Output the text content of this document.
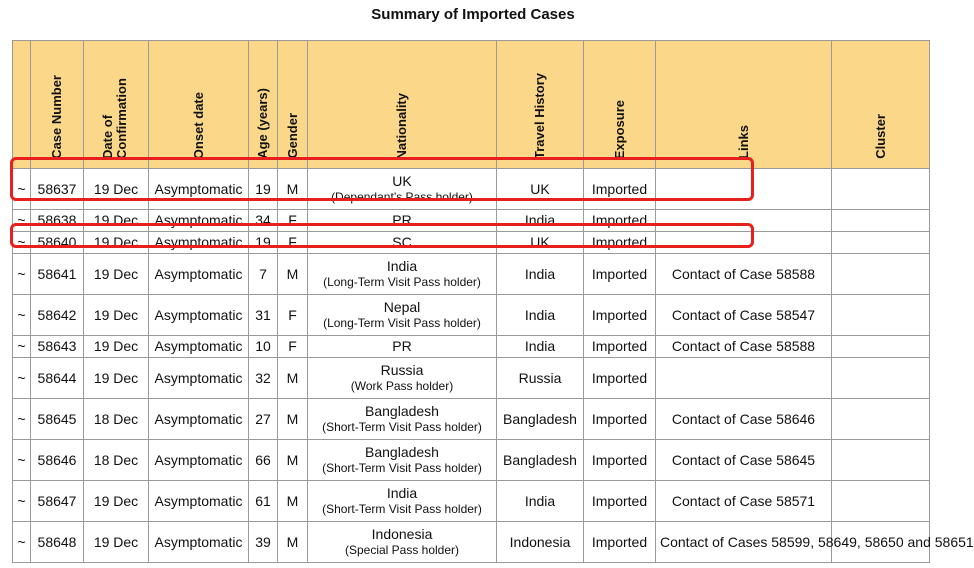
Summary of Imported Cases
	Case Number	Date of Confirmation	Onset date	Age (years)	Gender	Nationality	Travel History	Exposure	Links	Cluster
~	58637	19 Dec	Asymptomatic	19	M	UK
(Dependant’s Pass holder)	UK	Imported		
~	58638	19 Dec	Asymptomatic	34	F	PR	India	Imported		
~	58640	19 Dec	Asymptomatic	19	F	SC	UK	Imported		
~	58641	19 Dec	Asymptomatic	7	M	India
(Long-Term Visit Pass holder)	India	Imported	Contact of Case 58588	
~	58642	19 Dec	Asymptomatic	31	F	Nepal
(Long-Term Visit Pass holder)	India	Imported	Contact of Case 58547	
~	58643	19 Dec	Asymptomatic	10	F	PR	India	Imported	Contact of Case 58588	
~	58644	19 Dec	Asymptomatic	32	M	Russia
(Work Pass holder)	Russia	Imported		
~	58645	18 Dec	Asymptomatic	27	M	Bangladesh
(Short-Term Visit Pass holder)	Bangladesh	Imported	Contact of Case 58646	
~	58646	18 Dec	Asymptomatic	66	M	Bangladesh
(Short-Term Visit Pass holder)	Bangladesh	Imported	Contact of Case 58645	
~	58647	19 Dec	Asymptomatic	61	M	India
(Short-Term Visit Pass holder)	India	Imported	Contact of Case 58571	
~	58648	19 Dec	Asymptomatic	39	M	Indonesia
(Special Pass holder)	Indonesia	Imported	Contact of Cases 58599, 58649, 58650 and 58651	
